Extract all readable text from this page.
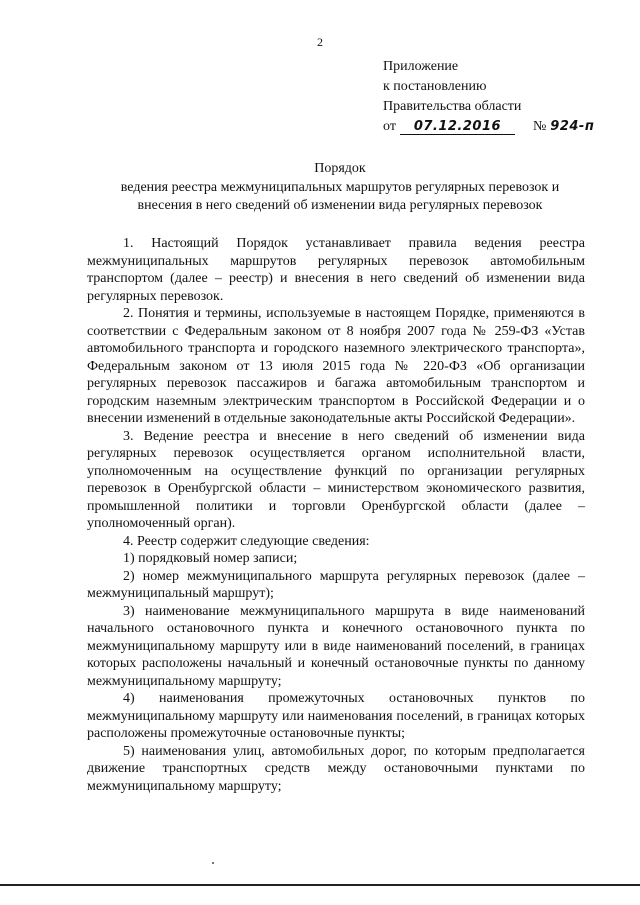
2
Приложение
к постановлению
Правительства области
от 07.12.2016 № 924-п
Порядок
ведения реестра межмуниципальных маршрутов регулярных перевозок и
внесения в него сведений об изменении вида регулярных перевозок

1. Настоящий Порядок устанавливает правила ведения реестра межмуниципальных маршрутов регулярных перевозок автомобильным транспортом (далее – реестр) и внесения в него сведений об изменении вида регулярных перевозок.

2. Понятия и термины, используемые в настоящем Порядке, применяются в соответствии с Федеральным законом от 8 ноября 2007 года № 259-ФЗ «Устав автомобильного транспорта и городского наземного электрического транспорта», Федеральным законом от 13 июля 2015 года № 220-ФЗ «Об организации регулярных перевозок пассажиров и багажа автомобильным транспортом и городским наземным электрическим транспортом в Российской Федерации и о внесении изменений в отдельные законодательные акты Российской Федерации».

3. Ведение реестра и внесение в него сведений об изменении вида регулярных перевозок осуществляется органом исполнительной власти, уполномоченным на осуществление функций по организации регулярных перевозок в Оренбургской области – министерством экономического развития, промышленной политики и торговли Оренбургской области (далее – уполномоченный орган).

4. Реестр содержит следующие сведения:

1) порядковый номер записи;

2) номер межмуниципального маршрута регулярных перевозок (далее – межмуниципальный маршрут);

3) наименование межмуниципального маршрута в виде наименований начального остановочного пункта и конечного остановочного пункта по межмуниципальному маршруту или в виде наименований поселений, в границах которых расположены начальный и конечный остановочные пункты по данному межмуниципальному маршруту;

4) наименования промежуточных остановочных пунктов по межмуниципальному маршруту или наименования поселений, в границах которых расположены промежуточные остановочные пункты;

5) наименования улиц, автомобильных дорог, по которым предполагается движение транспортных средств между остановочными пунктами по межмуниципальному маршруту;
